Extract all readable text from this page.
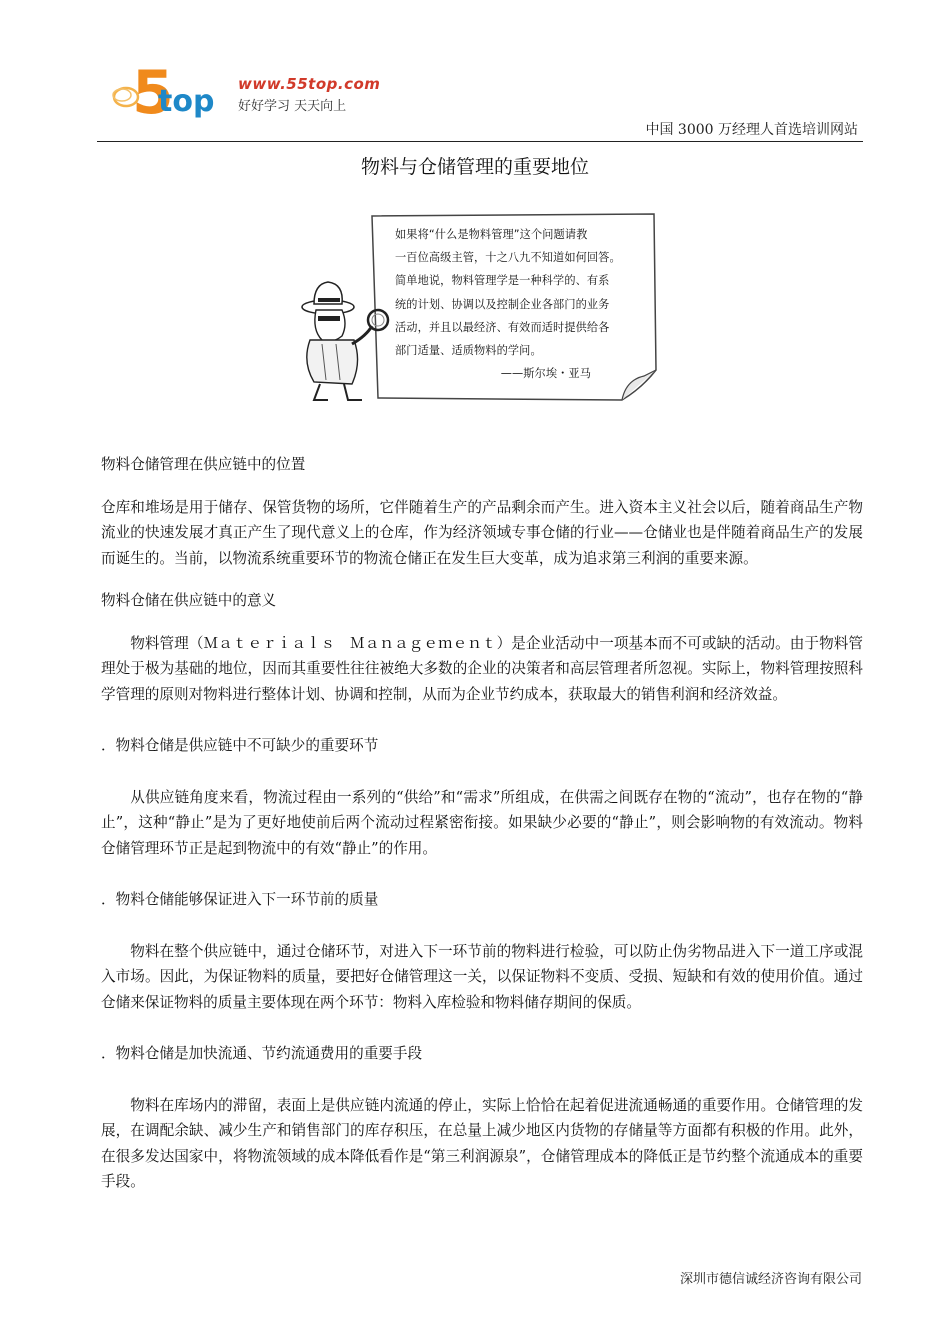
5
top www.55top.com
好好学习 天天向上
中国 3000 万经理人首选培训网站
物料与仓储管理的重要地位
如果将“什么是物料管理”这个问题请教
一百位高级主管，十之八九不知道如何回答。
简单地说，物料管理学是一种科学的、有系
统的计划、协调以及控制企业各部门的业务
活动，并且以最经济、有效而适时提供给各
部门适量、适质物料的学问。
——斯尔埃・亚马

物料仓储管理在供应链中的位置

仓库和堆场是用于储存、保管货物的场所，它伴随着生产的产品剩余而产生。进入资本主义社会以后，随着商品生产物流业的快速发展才真正产生了现代意义上的仓库，作为经济领域专事仓储的行业——仓储业也是伴随着商品生产的发展而诞生的。当前，以物流系统重要环节的物流仓储正在发生巨大变革，成为追求第三利润的重要来源。

物料仓储在供应链中的意义

物料管理（Ｍａｔｅｒｉａｌｓ　Ｍａｎａｇｅｍｅｎｔ）是企业活动中一项基本而不可或缺的活动。由于物料管理处于极为基础的地位，因而其重要性往往被绝大多数的企业的决策者和高层管理者所忽视。实际上，物料管理按照科学管理的原则对物料进行整体计划、协调和控制，从而为企业节约成本，获取最大的销售利润和经济效益。

．物料仓储是供应链中不可缺少的重要环节

从供应链角度来看，物流过程由一系列的“供给”和“需求”所组成，在供需之间既存在物的“流动”，也存在物的“静止”，这种“静止”是为了更好地使前后两个流动过程紧密衔接。如果缺少必要的“静止”，则会影响物的有效流动。物料仓储管理环节正是起到物流中的有效“静止”的作用。

．物料仓储能够保证进入下一环节前的质量

物料在整个供应链中，通过仓储环节，对进入下一环节前的物料进行检验，可以防止伪劣物品进入下一道工序或混入市场。因此，为保证物料的质量，要把好仓储管理这一关，以保证物料不变质、受损、短缺和有效的使用价值。通过仓储来保证物料的质量主要体现在两个环节：物料入库检验和物料储存期间的保质。

．物料仓储是加快流通、节约流通费用的重要手段

物料在库场内的滞留，表面上是供应链内流通的停止，实际上恰恰在起着促进流通畅通的重要作用。仓储管理的发展，在调配余缺、减少生产和销售部门的库存积压，在总量上减少地区内货物的存储量等方面都有积极的作用。此外，在很多发达国家中，将物流领域的成本降低看作是“第三利润源泉”，仓储管理成本的降低正是节约整个流通成本的重要手段。

深圳市德信诚经济咨询有限公司
